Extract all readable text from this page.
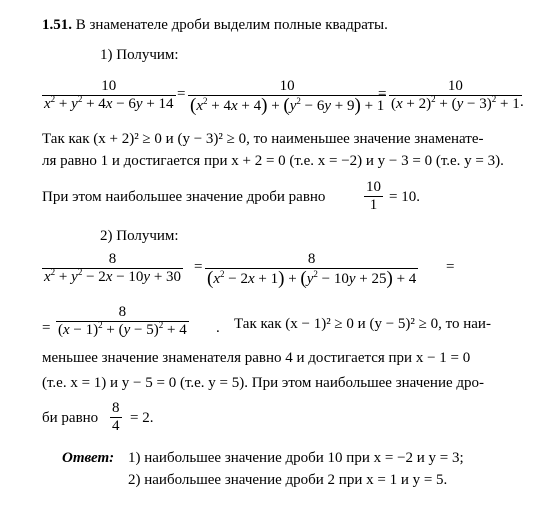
1.51. В знаменателе дроби выделим полные квадраты.
1) Получим:
10
$x^2 + y^2 + 4x - 6y + 14$
=	10
$(x^2 + 4x + 4) + (y^2 - 6y + 9) + 1$
=	10
$(x + 2)^2 + (y - 3)^2 + 1$ .
Так как (x + 2)² ≥ 0 и (y − 3)² ≥ 0, то наименьшее значение знаменате-
ля равно 1 и достигается при x + 2 = 0 (т.е. x = −2) и y − 3 = 0 (т.е. y = 3).
При этом наибольшее значение дроби равно
10
1 = 10.
2) Получим:
8
$x^2 + y^2 - 2x - 10y + 30$
=	8
$(x^2 - 2x + 1) + (y^2 - 10y + 25) + 4$
=
=
8
$(x - 1)^2 + (y - 5)^2 + 4$ . Так как (x − 1)² ≥ 0 и (y − 5)² ≥ 0, то наи-
меньшее значение знаменателя равно 4 и достигается при x − 1 = 0
(т.е. x = 1) и y − 5 = 0 (т.е. y = 5). При этом наибольшее значение дро-
би равно
8
4 = 2.
Ответ: 1) наибольшее значение дроби 10 при x = −2 и y = 3;
2) наибольшее значение дроби 2 при x = 1 и y = 5.
